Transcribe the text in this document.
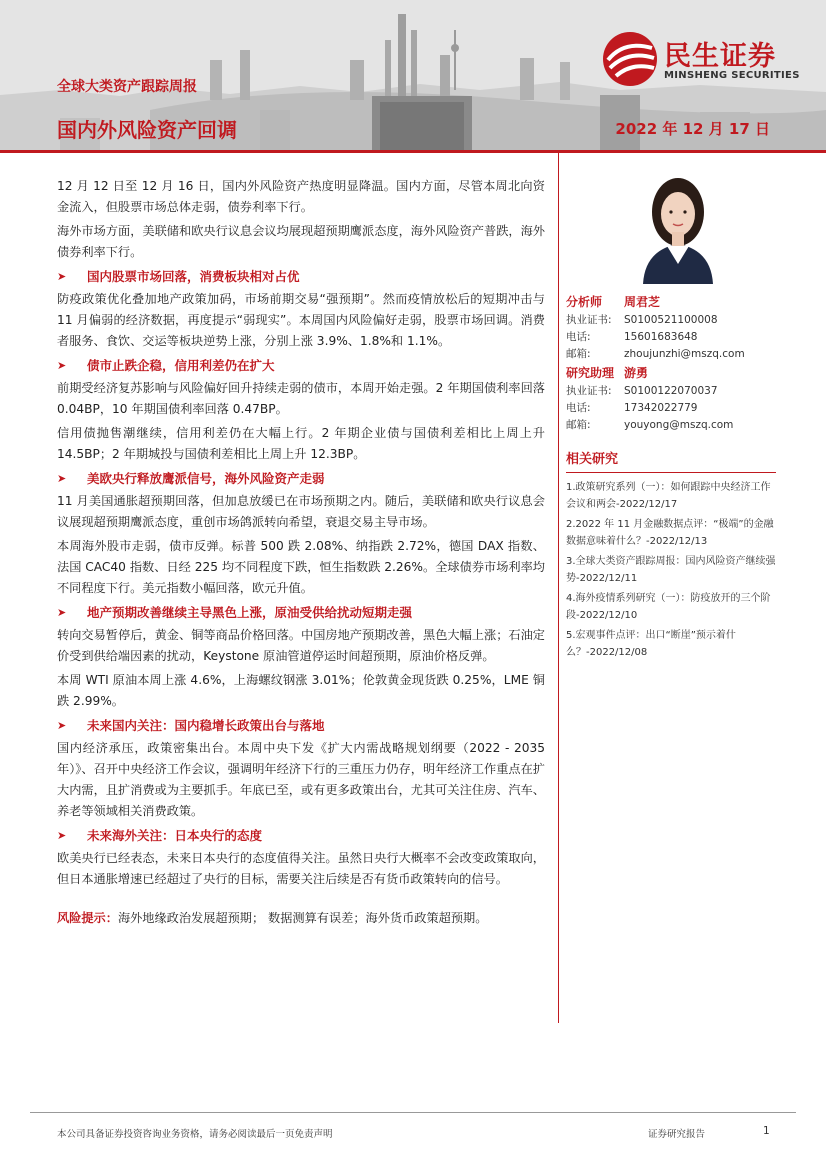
民生证券
MINSHENG SECURITIES
全球大类资产跟踪周报
国内外风险资产回调	2022 年 12 月 17 日

12 月 12 日至 12 月 16 日，国内外风险资产热度明显降温。国内方面，尽管本周北向资金流入，但股票市场总体走弱，债券利率下行。

海外市场方面，美联储和欧央行议息会议均展现超预期鹰派态度，海外风险资产普跌，海外债券利率下行。

➤	国内股票市场回落，消费板块相对占优

防疫政策优化叠加地产政策加码，市场前期交易“强预期”。然而疫情放松后的短期冲击与 11 月偏弱的经济数据，再度提示“弱现实”。本周国内风险偏好走弱，股票市场回调。消费者服务、食饮、交运等板块逆势上涨，分别上涨 3.9%、1.8%和 1.1%。

➤	债市止跌企稳，信用利差仍在扩大

前期受经济复苏影响与风险偏好回升持续走弱的债市，本周开始走强。2 年期国债利率回落 0.04BP，10 年期国债利率回落 0.47BP。

信用债抛售潮继续，信用利差仍在大幅上行。2 年期企业债与国债利差相比上周上升 14.5BP；2 年期城投与国债利差相比上周上升 12.3BP。

➤	美欧央行释放鹰派信号，海外风险资产走弱

11 月美国通胀超预期回落，但加息放缓已在市场预期之内。随后，美联储和欧央行议息会议展现超预期鹰派态度，重创市场鸽派转向希望，衰退交易主导市场。

本周海外股市走弱，债市反弹。标普 500 跌 2.08%、纳指跌 2.72%，德国 DAX 指数、法国 CAC40 指数、日经 225 均不同程度下跌，恒生指数跌 2.26%。全球债券市场利率均不同程度下行。美元指数小幅回落，欧元升值。

➤	地产预期改善继续主导黑色上涨，原油受供给扰动短期走强

转向交易暂停后，黄金、铜等商品价格回落。中国房地产预期改善，黑色大幅上涨；石油定价受到供给端因素的扰动，Keystone 原油管道停运时间超预期，原油价格反弹。

本周 WTI 原油本周上涨 4.6%，上海螺纹钢涨 3.01%；伦敦黄金现货跌 0.25%，LME 铜跌 2.99%。

➤	未来国内关注：国内稳增长政策出台与落地

国内经济承压，政策密集出台。本周中央下发《扩大内需战略规划纲要（2022 - 2035 年）》、召开中央经济工作会议，强调明年经济下行的三重压力仍存，明年经济工作重点在扩大内需，且扩消费或为主要抓手。年底已至，或有更多政策出台，尤其可关注住房、汽车、养老等领域相关消费政策。

➤	未来海外关注：日本央行的态度

欧美央行已经表态，未来日本央行的态度值得关注。虽然日央行大概率不会改变政策取向，但日本通胀增速已经超过了央行的目标，需要关注后续是否有货币政策转向的信号。

风险提示：海外地缘政治发展超预期； 数据测算有误差；海外货币政策超预期。
分析师	周君芝
执业证书:	S0100521100008
电话:	15601683648
邮箱:	zhoujunzhi@mszq.com
研究助理 游勇
执业证书:	S0100122070037
电话:	17342022779
邮箱:	youyong@mszq.com
相关研究
1.政策研究系列（一）：如何跟踪中央经济工作会议和两会-2022/12/17
2.2022 年 11 月金融数据点评：“极端”的金融数据意味着什么？-2022/12/13
3.全球大类资产跟踪周报：国内风险资产继续强势-2022/12/11
4.海外疫情系列研究（一）：防疫放开的三个阶段-2022/12/10
5.宏观事件点评：出口“断崖”预示着什么？-2022/12/08
本公司具备证券投资咨询业务资格，请务必阅读最后一页免责声明	证券研究报告	1
